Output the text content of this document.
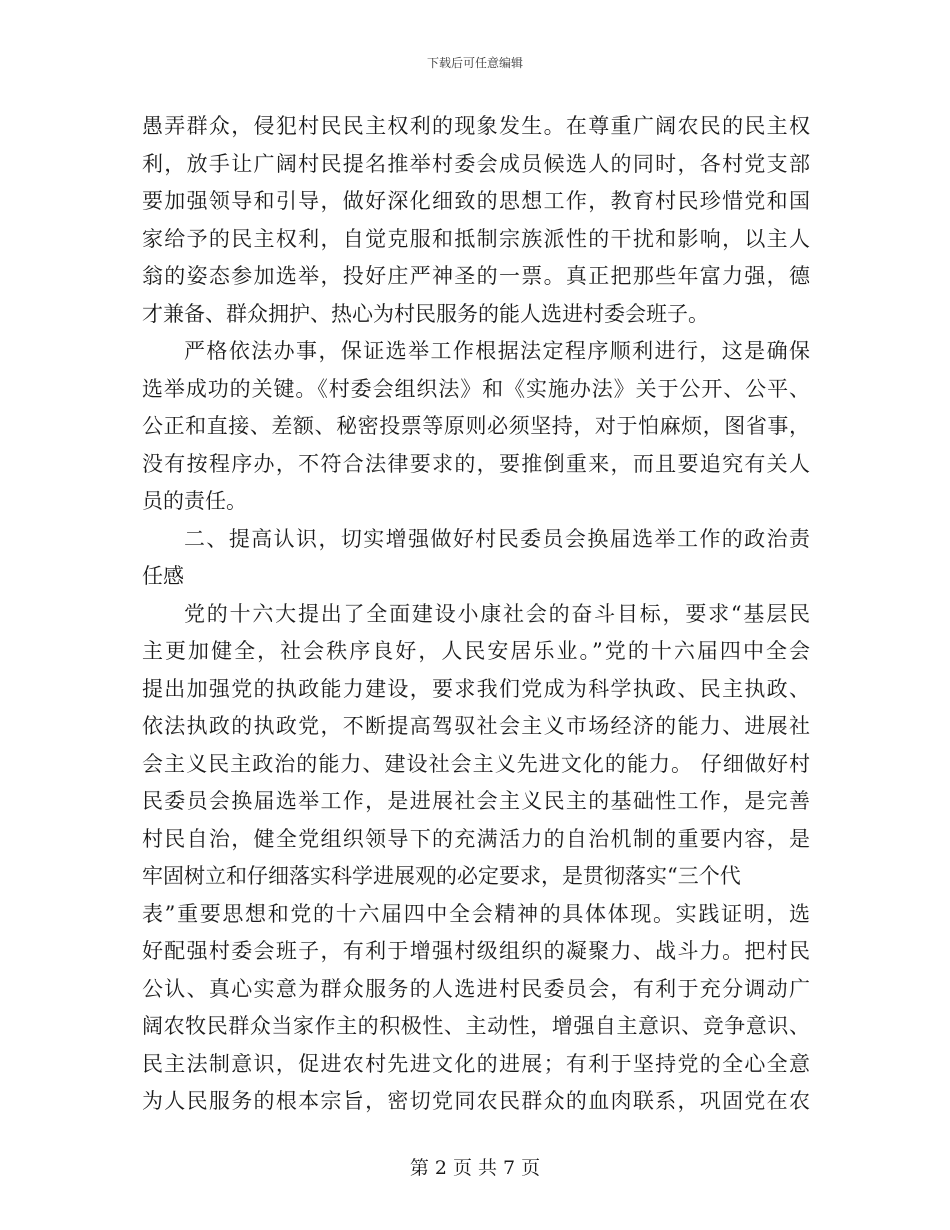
下载后可任意编辑
愚弄群众，侵犯村民民主权利的现象发生。在尊重广阔农民的民主权
利，放手让广阔村民提名推举村委会成员候选人的同时，各村党支部
要加强领导和引导，做好深化细致的思想工作，教育村民珍惜党和国
家给予的民主权利，自觉克服和抵制宗族派性的干扰和影响，以主人
翁的姿态参加选举，投好庄严神圣的一票。真正把那些年富力强，德
才兼备、群众拥护、热心为村民服务的能人选进村委会班子。
严格依法办事，保证选举工作根据法定程序顺利进行，这是确保
选举成功的关键。《村委会组织法》和《实施办法》关于公开、公平、
公正和直接、差额、秘密投票等原则必须坚持，对于怕麻烦，图省事，
没有按程序办，不符合法律要求的，要推倒重来，而且要追究有关人
员的责任。
二、提高认识，切实增强做好村民委员会换届选举工作的政治责
任感
党的十六大提出了全面建设小康社会的奋斗目标，要求“基层民
主更加健全，社会秩序良好，人民安居乐业。”党的十六届四中全会
提出加强党的执政能力建设，要求我们党成为科学执政、民主执政、
依法执政的执政党，不断提高驾驭社会主义市场经济的能力、进展社
会主义民主政治的能力、建设社会主义先进文化的能力。 仔细做好村
民委员会换届选举工作，是进展社会主义民主的基础性工作，是完善
村民自治，健全党组织领导下的充满活力的自治机制的重要内容，是
牢固树立和仔细落实科学进展观的必定要求，是贯彻落实“三个代
表”重要思想和党的十六届四中全会精神的具体体现。实践证明，选
好配强村委会班子，有利于增强村级组织的凝聚力、战斗力。把村民
公认、真心实意为群众服务的人选进村民委员会，有利于充分调动广
阔农牧民群众当家作主的积极性、主动性，增强自主意识、竞争意识、
民主法制意识，促进农村先进文化的进展；有利于坚持党的全心全意
为人民服务的根本宗旨，密切党同农民群众的血肉联系，巩固党在农
第 2 页 共 7 页
